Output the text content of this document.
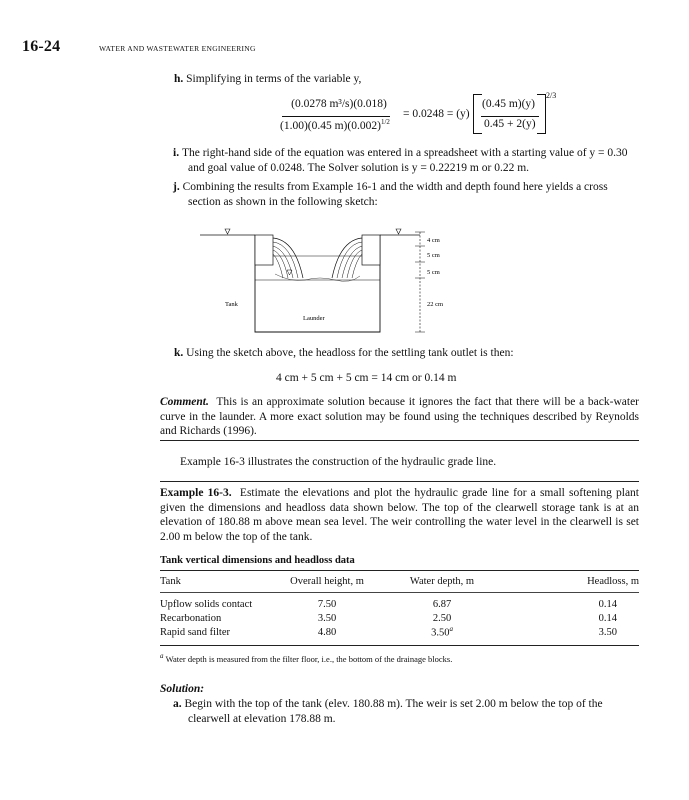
16-24	WATER AND WASTEWATER ENGINEERING
h. Simplifying in terms of the variable y,
(0.0278 m³/s)(0.018)
(1.00)(0.45 $m)(0.002)^{1/2}$
= 0.0248 = (y)
(0.45 m)(y)
0.45 + 2(y)
2/3
i. The right-hand side of the equation was entered in a spreadsheet with a starting value of y = 0.30 and goal value of 0.0248. The Solver solution is y = 0.22219 m or 0.22 m.
j. Combining the results from Example 16-1 and the width and depth found here yields a cross section as shown in the following sketch:
4 cm
5 cm
5 cm
22 cm
Tank
Launder
k. Using the sketch above, the headloss for the settling tank outlet is then:
4 cm + 5 cm + 5 cm = 14 cm or 0.14 m
Comment. This is an approximate solution because it ignores the fact that there will be a back-water curve in the launder. A more exact solution may be found using the techniques described by Reynolds and Richards (1996).
Example 16-3 illustrates the construction of the hydraulic grade line.
Example 16-3. Estimate the elevations and plot the hydraulic grade line for a small softening plant given the dimensions and headloss data shown below. The top of the clearwell storage tank is at an elevation of 180.88 m above mean sea level. The weir controlling the water level in the clearwell is set 2.00 m below the top of the tank.
Tank vertical dimensions and headloss data
Tank	Overall height, m	Water depth, m	Headloss, m
Upflow solids contact	7.50	6.87	0.14
Recarbonation	3.50	2.50	0.14
Rapid sand filter	4.80	3.50$^a$	3.50
$^a$ Water depth is measured from the filter floor, i.e., the bottom of the drainage blocks.
Solution:
a. Begin with the top of the tank (elev. 180.88 m). The weir is set 2.00 m below the top of the clearwell at elevation 178.88 m.
